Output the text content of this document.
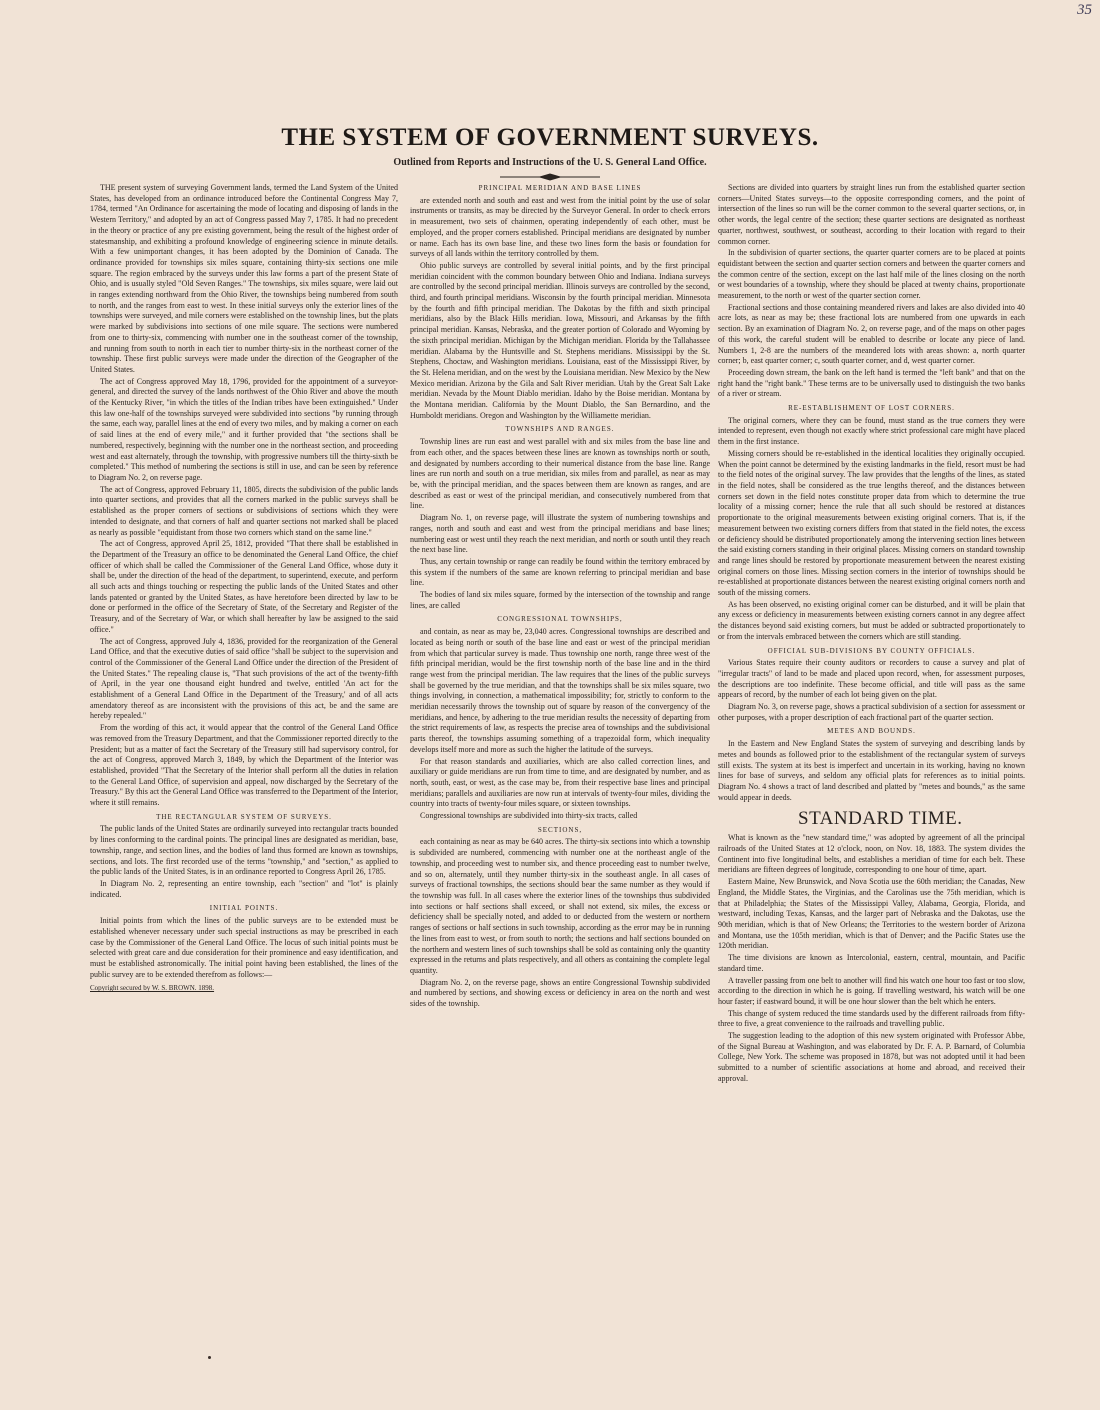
35
THE SYSTEM OF GOVERNMENT SURVEYS.
Outlined from Reports and Instructions of the U. S. General Land Office.

THE present system of surveying Government lands, termed the Land System of the United States, has developed from an ordinance introduced before the Continental Congress May 7, 1784, termed "An Ordinance for ascertaining the mode of locating and disposing of lands in the Western Territory," and adopted by an act of Congress passed May 7, 1785. It had no precedent in the theory or practice of any pre existing government, being the result of the highest order of statesmanship, and exhibiting a profound knowledge of engineering science in minute details. With a few unimportant changes, it has been adopted by the Dominion of Canada. The ordinance provided for townships six miles square, containing thirty-six sections one mile square. The region embraced by the surveys under this law forms a part of the present State of Ohio, and is usually styled "Old Seven Ranges." The townships, six miles square, were laid out in ranges extending northward from the Ohio River, the townships being numbered from south to north, and the ranges from east to west. In these initial surveys only the exterior lines of the townships were surveyed, and mile corners were established on the township lines, but the plats were marked by subdivisions into sections of one mile square. The sections were numbered from one to thirty-six, commencing with number one in the southeast corner of the township, and running from south to north in each tier to number thirty-six in the northeast corner of the township. These first public surveys were made under the direction of the Geographer of the United States.

The act of Congress approved May 18, 1796, provided for the appointment of a surveyor-general, and directed the survey of the lands northwest of the Ohio River and above the mouth of the Kentucky River, "in which the titles of the Indian tribes have been extinguished." Under this law one-half of the townships surveyed were subdivided into sections "by running through the same, each way, parallel lines at the end of every two miles, and by making a corner on each of said lines at the end of every mile," and it further provided that "the sections shall be numbered, respectively, beginning with the number one in the northeast section, and proceeding west and east alternately, through the township, with progressive numbers till the thirty-sixth be completed." This method of numbering the sections is still in use, and can be seen by reference to Diagram No. 2, on reverse page.

The act of Congress, approved February 11, 1805, directs the subdivision of the public lands into quarter sections, and provides that all the corners marked in the public surveys shall be established as the proper corners of sections or subdivisions of sections which they were intended to designate, and that corners of half and quarter sections not marked shall be placed as nearly as possible "equidistant from those two corners which stand on the same line."

The act of Congress, approved April 25, 1812, provided "That there shall be established in the Department of the Treasury an office to be denominated the General Land Office, the chief officer of which shall be called the Commissioner of the General Land Office, whose duty it shall be, under the direction of the head of the department, to superintend, execute, and perform all such acts and things touching or respecting the public lands of the United States and other lands patented or granted by the United States, as have heretofore been directed by law to be done or performed in the office of the Secretary of State, of the Secretary and Register of the Treasury, and of the Secretary of War, or which shall hereafter by law be assigned to the said office."

The act of Congress, approved July 4, 1836, provided for the reorganization of the General Land Office, and that the executive duties of said office "shall be subject to the supervision and control of the Commissioner of the General Land Office under the direction of the President of the United States." The repealing clause is, "That such provisions of the act of the twenty-fifth of April, in the year one thousand eight hundred and twelve, entitled 'An act for the establishment of a General Land Office in the Department of the Treasury,' and of all acts amendatory thereof as are inconsistent with the provisions of this act, be and the same are hereby repealed."

From the wording of this act, it would appear that the control of the General Land Office was removed from the Treasury Department, and that the Commissioner reported directly to the President; but as a matter of fact the Secretary of the Treasury still had supervisory control, for the act of Congress, approved March 3, 1849, by which the Department of the Interior was established, provided "That the Secretary of the Interior shall perform all the duties in relation to the General Land Office, of supervision and appeal, now discharged by the Secretary of the Treasury." By this act the General Land Office was transferred to the Department of the Interior, where it still remains.

THE RECTANGULAR SYSTEM OF SURVEYS.

The public lands of the United States are ordinarily surveyed into rectangular tracts bounded by lines conforming to the cardinal points. The principal lines are designated as meridian, base, township, range, and section lines, and the bodies of land thus formed are known as townships, sections, and lots. The first recorded use of the terms "township," and "section," as applied to the public lands of the United States, is in an ordinance reported to Congress April 26, 1785.

In Diagram No. 2, representing an entire township, each "section" and "lot" is plainly indicated.

INITIAL POINTS.

Initial points from which the lines of the public surveys are to be extended must be established whenever necessary under such special instructions as may be prescribed in each case by the Commissioner of the General Land Office. The locus of such initial points must be selected with great care and due consideration for their prominence and easy identification, and must be established astronomically. The initial point having been established, the lines of the public survey are to be extended therefrom as follows:—

Copyright secured by W. S. BROWN. 1898.
PRINCIPAL MERIDIAN AND BASE LINES

are extended north and south and east and west from the initial point by the use of solar instruments or transits, as may be directed by the Surveyor General. In order to check errors in measurement, two sets of chainmen, operating independently of each other, must be employed, and the proper corners established. Principal meridians are designated by number or name. Each has its own base line, and these two lines form the basis or foundation for surveys of all lands within the territory controlled by them.

Ohio public surveys are controlled by several initial points, and by the first principal meridian coincident with the common boundary between Ohio and Indiana. Indiana surveys are controlled by the second principal meridian. Illinois surveys are controlled by the second, third, and fourth principal meridians. Wisconsin by the fourth principal meridian. Minnesota by the fourth and fifth principal meridian. The Dakotas by the fifth and sixth principal meridians, also by the Black Hills meridian. Iowa, Missouri, and Arkansas by the fifth principal meridian. Kansas, Nebraska, and the greater portion of Colorado and Wyoming by the sixth principal meridian. Michigan by the Michigan meridian. Florida by the Tallahassee meridian. Alabama by the Huntsville and St. Stephens meridians. Mississippi by the St. Stephens, Choctaw, and Washington meridians. Louisiana, east of the Mississippi River, by the St. Helena meridian, and on the west by the Louisiana meridian. New Mexico by the New Mexico meridian. Arizona by the Gila and Salt River meridian. Utah by the Great Salt Lake meridian. Nevada by the Mount Diablo meridian. Idaho by the Boise meridian. Montana by the Montana meridian. California by the Mount Diablo, the San Bernardino, and the Humboldt meridians. Oregon and Washington by the Williamette meridian.

TOWNSHIPS AND RANGES.

Township lines are run east and west parallel with and six miles from the base line and from each other, and the spaces between these lines are known as townships north or south, and designated by numbers according to their numerical distance from the base line. Range lines are run north and south on a true meridian, six miles from and parallel, as near as may be, with the principal meridian, and the spaces between them are known as ranges, and are described as east or west of the principal meridian, and consecutively numbered from that line.

Diagram No. 1, on reverse page, will illustrate the system of numbering townships and ranges, north and south and east and west from the principal meridians and base lines; numbering east or west until they reach the next meridian, and north or south until they reach the next base line.

Thus, any certain township or range can readily be found within the territory embraced by this system if the numbers of the same are known referring to principal meridian and base line.

The bodies of land six miles square, formed by the intersection of the township and range lines, are called

CONGRESSIONAL TOWNSHIPS,

and contain, as near as may be, 23,040 acres. Congressional townships are described and located as being north or south of the base line and east or west of the principal meridian from which that particular survey is made. Thus township one north, range three west of the fifth principal meridian, would be the first township north of the base line and in the third range west from the principal meridian. The law requires that the lines of the public surveys shall be governed by the true meridian, and that the townships shall be six miles square, two things involving, in connection, a mathematical impossibility; for, strictly to conform to the meridian necessarily throws the township out of square by reason of the convergency of the meridians, and hence, by adhering to the true meridian results the necessity of departing from the strict requirements of law, as respects the precise area of townships and the subdivisional parts thereof, the townships assuming something of a trapezoidal form, which inequality develops itself more and more as such the higher the latitude of the surveys.

For that reason standards and auxiliaries, which are also called correction lines, and auxiliary or guide meridians are run from time to time, and are designated by number, and as north, south, east, or west, as the case may be, from their respective base lines and principal meridians; parallels and auxiliaries are now run at intervals of twenty-four miles, dividing the country into tracts of twenty-four miles square, or sixteen townships.

Congressional townships are subdivided into thirty-six tracts, called

SECTIONS,

each containing as near as may be 640 acres. The thirty-six sections into which a township is subdivided are numbered, commencing with number one at the northeast angle of the township, and proceeding west to number six, and thence proceeding east to number twelve, and so on, alternately, until they number thirty-six in the southeast angle. In all cases of surveys of fractional townships, the sections should bear the same number as they would if the township was full. In all cases where the exterior lines of the townships thus subdivided into sections or half sections shall exceed, or shall not extend, six miles, the excess or deficiency shall be specially noted, and added to or deducted from the western or northern ranges of sections or half sections in such township, according as the error may be in running the lines from east to west, or from south to north; the sections and half sections bounded on the northern and western lines of such townships shall be sold as containing only the quantity expressed in the returns and plats respectively, and all others as containing the complete legal quantity.

Diagram No. 2, on the reverse page, shows an entire Congressional Township subdivided and numbered by sections, and showing excess or deficiency in area on the north and west sides of the township.

Sections are divided into quarters by straight lines run from the established quarter section corners—United States surveys—to the opposite corresponding corners, and the point of intersection of the lines so run will be the corner common to the several quarter sections, or, in other words, the legal centre of the section; these quarter sections are designated as northeast quarter, northwest, southwest, or southeast, according to their location with regard to their common corner.

In the subdivision of quarter sections, the quarter quarter corners are to be placed at points equidistant between the section and quarter section corners and between the quarter corners and the common centre of the section, except on the last half mile of the lines closing on the north or west boundaries of a township, where they should be placed at twenty chains, proportionate measurement, to the north or west of the quarter section corner.

Fractional sections and those containing meandered rivers and lakes are also divided into 40 acre lots, as near as may be; these fractional lots are numbered from one upwards in each section. By an examination of Diagram No. 2, on reverse page, and of the maps on other pages of this work, the careful student will be enabled to describe or locate any piece of land. Numbers 1, 2-8 are the numbers of the meandered lots with areas shown: a, north quarter corner; b, east quarter corner; c, south quarter corner, and d, west quarter corner.

Proceeding down stream, the bank on the left hand is termed the "left bank" and that on the right hand the "right bank." These terms are to be universally used to distinguish the two banks of a river or stream.

RE-ESTABLISHMENT OF LOST CORNERS.

The original corners, where they can be found, must stand as the true corners they were intended to represent, even though not exactly where strict professional care might have placed them in the first instance.

Missing corners should be re-established in the identical localities they originally occupied. When the point cannot be determined by the existing landmarks in the field, resort must be had to the field notes of the original survey. The law provides that the lengths of the lines, as stated in the field notes, shall be considered as the true lengths thereof, and the distances between corners set down in the field notes constitute proper data from which to determine the true locality of a missing corner; hence the rule that all such should be restored at distances proportionate to the original measurements between existing original corners. That is, if the measurement between two existing corners differs from that stated in the field notes, the excess or deficiency should be distributed proportionately among the intervening section lines between the said existing corners standing in their original places. Missing corners on standard township and range lines should be restored by proportionate measurement between the nearest existing original corners on those lines. Missing section corners in the interior of townships should be re-established at proportionate distances between the nearest existing original corners north and south of the missing corners.

As has been observed, no existing original corner can be disturbed, and it will be plain that any excess or deficiency in measurements between existing corners cannot in any degree affect the distances beyond said existing corners, but must be added or subtracted proportionately to or from the intervals embraced between the corners which are still standing.

OFFICIAL SUB-DIVISIONS BY COUNTY OFFICIALS.

Various States require their county auditors or recorders to cause a survey and plat of "irregular tracts" of land to be made and placed upon record, when, for assessment purposes, the descriptions are too indefinite. These become official, and title will pass as the same appears of record, by the number of each lot being given on the plat.

Diagram No. 3, on reverse page, shows a practical subdivision of a section for assessment or other purposes, with a proper description of each fractional part of the quarter section.

METES AND BOUNDS.

In the Eastern and New England States the system of surveying and describing lands by metes and bounds as followed prior to the establishment of the rectangular system of surveys still exists. The system at its best is imperfect and uncertain in its working, having no known lines for base of surveys, and seldom any official plats for references as to initial points. Diagram No. 4 shows a tract of land described and platted by "metes and bounds," as the same would appear in deeds.

STANDARD TIME.

What is known as the "new standard time," was adopted by agreement of all the principal railroads of the United States at 12 o'clock, noon, on Nov. 18, 1883. The system divides the Continent into five longitudinal belts, and establishes a meridian of time for each belt. These meridians are fifteen degrees of longitude, corresponding to one hour of time, apart.

Eastern Maine, New Brunswick, and Nova Scotia use the 60th meridian; the Canadas, New England, the Middle States, the Virginias, and the Carolinas use the 75th meridian, which is that at Philadelphia; the States of the Mississippi Valley, Alabama, Georgia, Florida, and westward, including Texas, Kansas, and the larger part of Nebraska and the Dakotas, use the 90th meridian, which is that of New Orleans; the Territories to the western border of Arizona and Montana, use the 105th meridian, which is that of Denver; and the Pacific States use the 120th meridian.

The time divisions are known as Intercolonial, eastern, central, mountain, and Pacific standard time.

A traveller passing from one belt to another will find his watch one hour too fast or too slow, according to the direction in which he is going. If travelling westward, his watch will be one hour faster; if eastward bound, it will be one hour slower than the belt which he enters.

This change of system reduced the time standards used by the different railroads from fifty-three to five, a great convenience to the railroads and travelling public.

The suggestion leading to the adoption of this new system originated with Professor Abbe, of the Signal Bureau at Washington, and was elaborated by Dr. F. A. P. Barnard, of Columbia College, New York. The scheme was proposed in 1878, but was not adopted until it had been submitted to a number of scientific associations at home and abroad, and received their approval.
